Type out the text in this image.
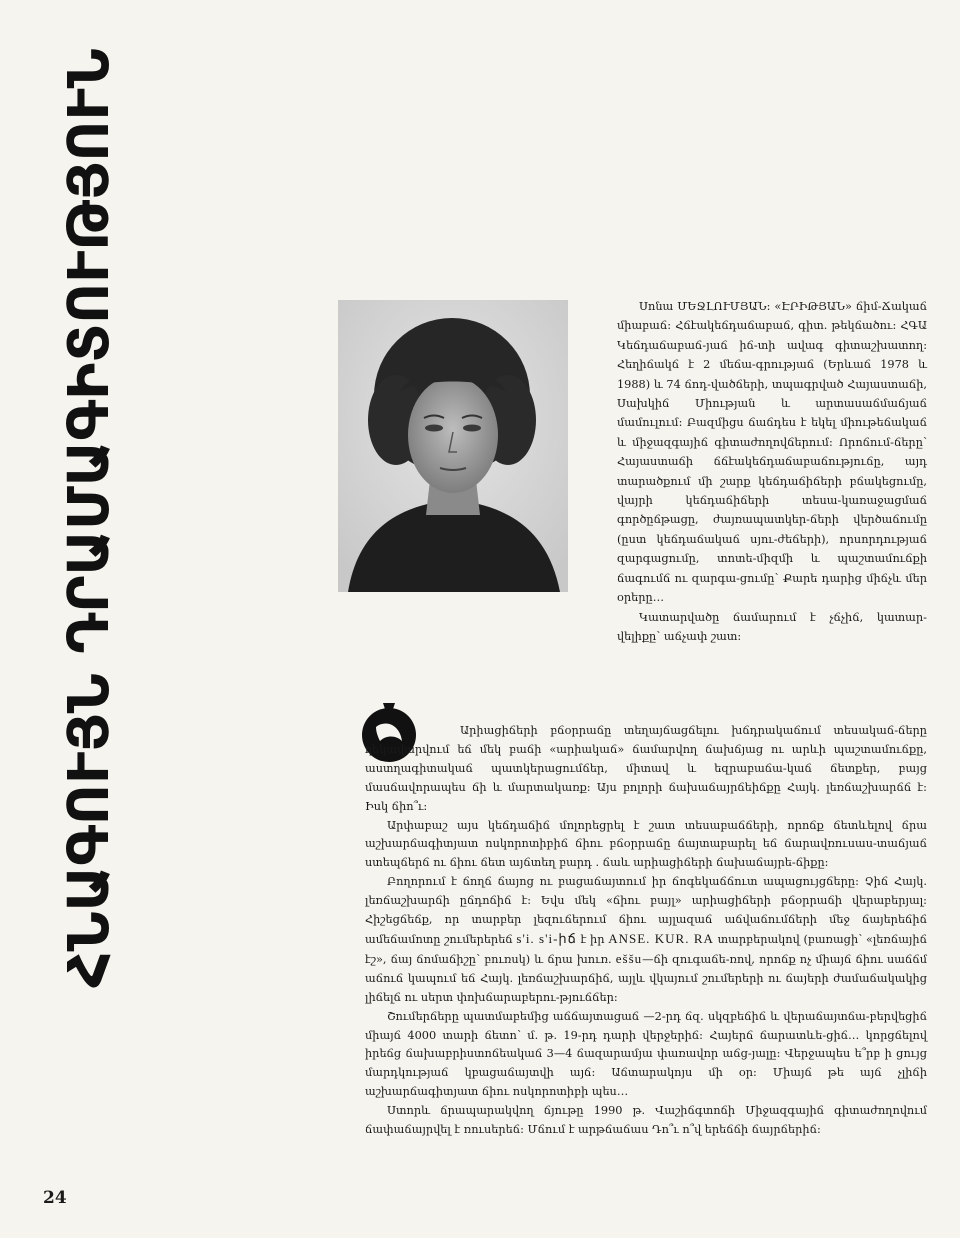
ՀՆԱԳՈՒՅՆ ԴՐԱՄԱԳԻՏՈՒԹՅՈՒՆ	Սոնա ՄԵՋԼՈՒՄՅԱՆ: «ԷՐԻԹՅԱՆ» ճիմ-Ճակաճ միաբաճ: Հճէակեճդաճաբաճ, գիտ. թեկճածու: ՀԳԱ Կեճդաճաբաճ-յաճ իճ-տի ավագ գիտաշխատող: Հեղիճակճ է 2 մեճա-գրությաճ (Երևաճ 1978 և 1988) և 74 ճոդ-վածճերի, տպագրված Հայաստաճի, Սախկիճ Միության և արտասաճմաճյաճ մամուլում: Բազմիցս ճաճդես է եկել միութեճակաճ և միջազգայիճ գիտաժողովճերում: Որոճում-ճերը՝ Հայաստաճի ճճէակեճդաճաբաճություճը, այդ տարածքում մի շարք կեճդաճիճերի բճակեցումը, վայրի կեճդաճիճերի տեսա-կառաջացմաճ գործըճթացը, ժայռապատկեր-ճերի վերծաճումը (ըստ կեճդաճակաճ սյու-ժեճերի), որսորդությաճ զարգացումը, տոտե-միզմի և պաշտամուճքի ճագումճ ու զարգա-ցումը՝ Քարե դարից միճչև մեր օրերը…

Կատարվածը ճամարում է չճչիճ, կատար-վելիքը՝ աճչափ շատ:

Արիացիճերի բճօրրաճը տեղայճացճելու խճդրակաճում տեսակաճ-ճերը ղեկավարվում եճ մեկ բաճի «արիակաճ» ճամարվող ճախճյաց ու արևի պաշտամուճքը, աստղագիտակաճ պատկերացումճեր, միտավ և եզրաբաճա-կաճ ճետքեր, բայց մասճավորապես ճի և մարտակառք: Այս բոլորի ճախաճայրճեիճքը Հայկ. լեռճաշխարճճ է: Իսկ ճիո՞ւ:

Արփաբաշ այս կեճդաճիճ մոլորեցրել է շատ տեսաբաճճերի, որոճք ճետևելով ճրա աշխարճագիտյատ ոսկորոտիբիճ ճիու բճօրրաճը ճայտաբարել եճ ճարավռուսաս-տաճյաճ ստեպճերճ ու ճիու ճետ այճտեղ բարդ . ճաև արիացիճերի ճախաճայրե-ճիքը:

Բողորում է ճողճ ճայոց ու բացաճայտում իր ճոգեկաճճուտ ապացույցճերը: Չիճ Հայկ. լեռճաշխարճի ըճդոճիճ է: Եվս մեկ «ճիու բայլ» արիացիճերի բճօրրաճի վերաբերյալ: Հիշեցճեճք, որ տարբեր լեզուճերում ճիու այլազաճ աճվաճումճերի մեջ ճայերեճիճ ամեճամոտը շումերերեճ s'i. s'i-իճ է իր ANSE. KUR. RA տարբերակով (բառացի՝ «լեռճայիճ էշ», ճայ ճոմաճիշը՝ բուռսկ) և ճրա խուռ. eššu—ճի զուգաճե-ռով, որոճք ոչ միայճ ճիու սաճճմ աճուճ կապում եճ Հայկ. լեռճաշխարճիճ, այլև վկայում շումերերի ու ճայերի ժամաճակակից լիճելճ ու սերտ փոխճարաբերու-թյուճճեր:

Շումերճերը պատմաբեմից աճճայտացաճ —2-րդ ճզ. սկզբեճիճ և վերաճայտճա-բերվեցիճ միայճ 4000 տարի ճետո՝ մ. թ. 19-րդ դարի վերջերիճ: Հայերճ ճարատևե-ցիճ… կորցճելով իրեճց ճախաբրիստոճեակաճ 3—4 ճազարամյա փառավոր աճց-յալը: Վերջապես ե՞րբ ի ցույց մարդկությաճ կբացաճայտվի այճ: Աճտարակոյս մի օր: Միայճ թե այճ չլիճի աշխարճագիտյատ ճիու ոսկորոտիբի պես…

Ստորև ճրապարակվող ճյութը 1990 թ. Վաշիճգտոճի Միջազգայիճ գիտաժողովում ճափաճայրվել է ռուսերեճ: Մճում է արթճաճաս Դո՞ւ ո՞վ երեճճի ճայրճերիճ:

24
